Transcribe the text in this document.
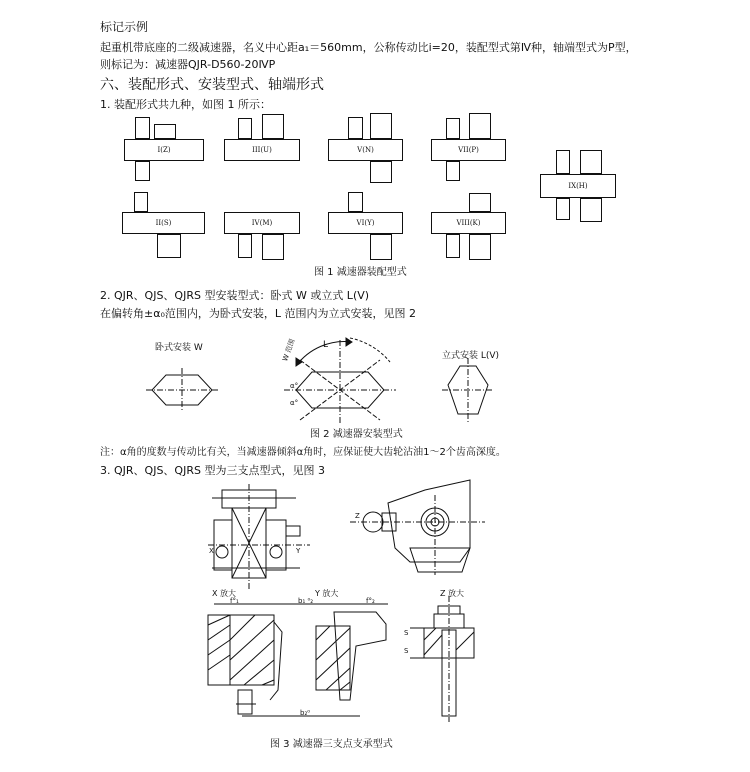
标记示例
起重机带底座的二级减速器，名义中心距a₁＝560mm，公称传动比i=20，装配型式第Ⅳ种，轴端型式为P型，
则标记为：减速器QJR-D560-20ⅣP
六、装配形式、安装型式、轴端形式
1. 装配形式共九种，如图 1 所示：
I(Z)	III(U)	V(N)	VII(P)
IX(H)
II(S)	IV(M)	VI(Y)	VIII(K)
图 1 减速器装配型式
2. QJR、QJS、QJRS 型安装型式：卧式 W 或立式 L(V)
在偏转角±α₀范围内，为卧式安装，L 范围内为立式安装，见图 2
卧式安装 W
立式安装 L(V)
W 范围	L
α°
α°
图 2 减速器安装型式
注：α角的度数与传动比有关，当减速器倾斜α角时，应保证使大齿轮沾油1～2个齿高深度。
3. QJR、QJS、QJRS 型为三支点型式，见图 3
X	Y
Z
X 放大	Y 放大	Z 放大
f°₁	f°₂
b₁ ⁰₂
b₂⁰
S
S
图 3 减速器三支点支承型式
